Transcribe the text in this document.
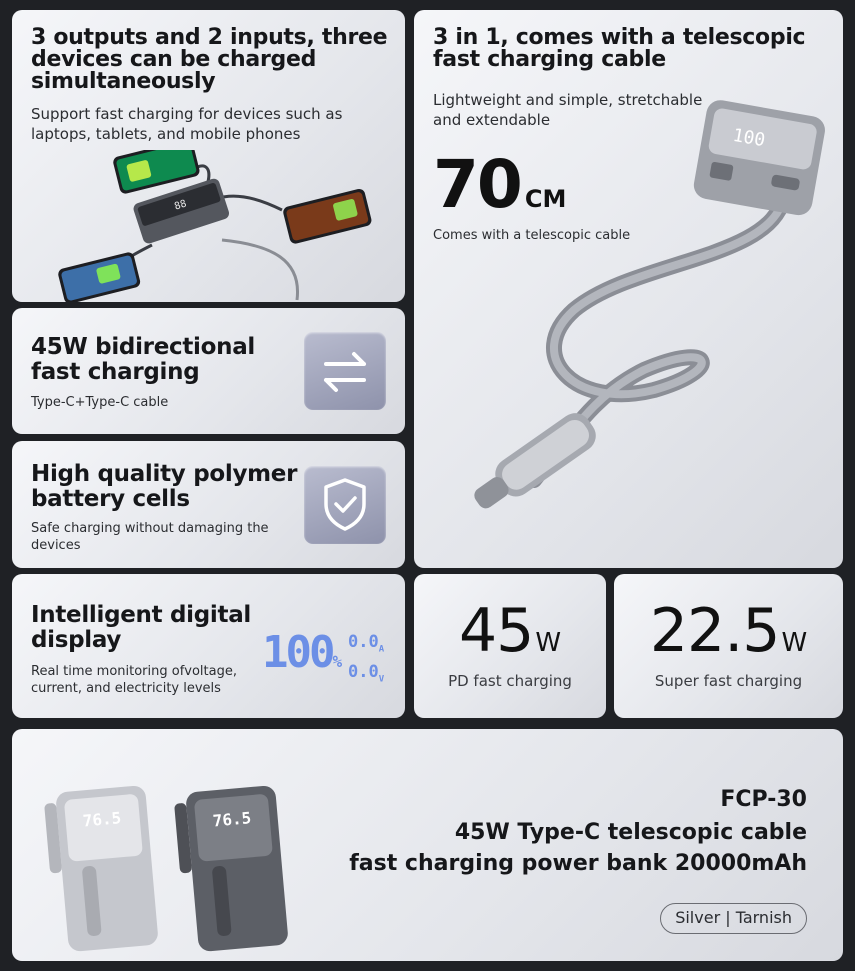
3 outputs and 2 inputs, three devices can be charged simultaneously
Support fast charging for devices such as laptops, tablets, and mobile phones
88
100
3 in 1, comes with a telescopic fast charging cable
Lightweight and simple, stretchable and extendable
70 CM
Comes with a telescopic cable
45W bidirectional fast charging
Type-C+Type-C cable
High quality polymer battery cells
Safe charging without damaging the devices
Intelligent digital display
Real time monitoring ofvoltage, current, and electricity levels
100%
$0.0_A$
$0.0_V$
45W
PD fast charging
22.5W
Super fast charging
76.5	76.5
FCP-30
45W Type-C telescopic cable
fast charging power bank 20000mAh
Silver | Tarnish
